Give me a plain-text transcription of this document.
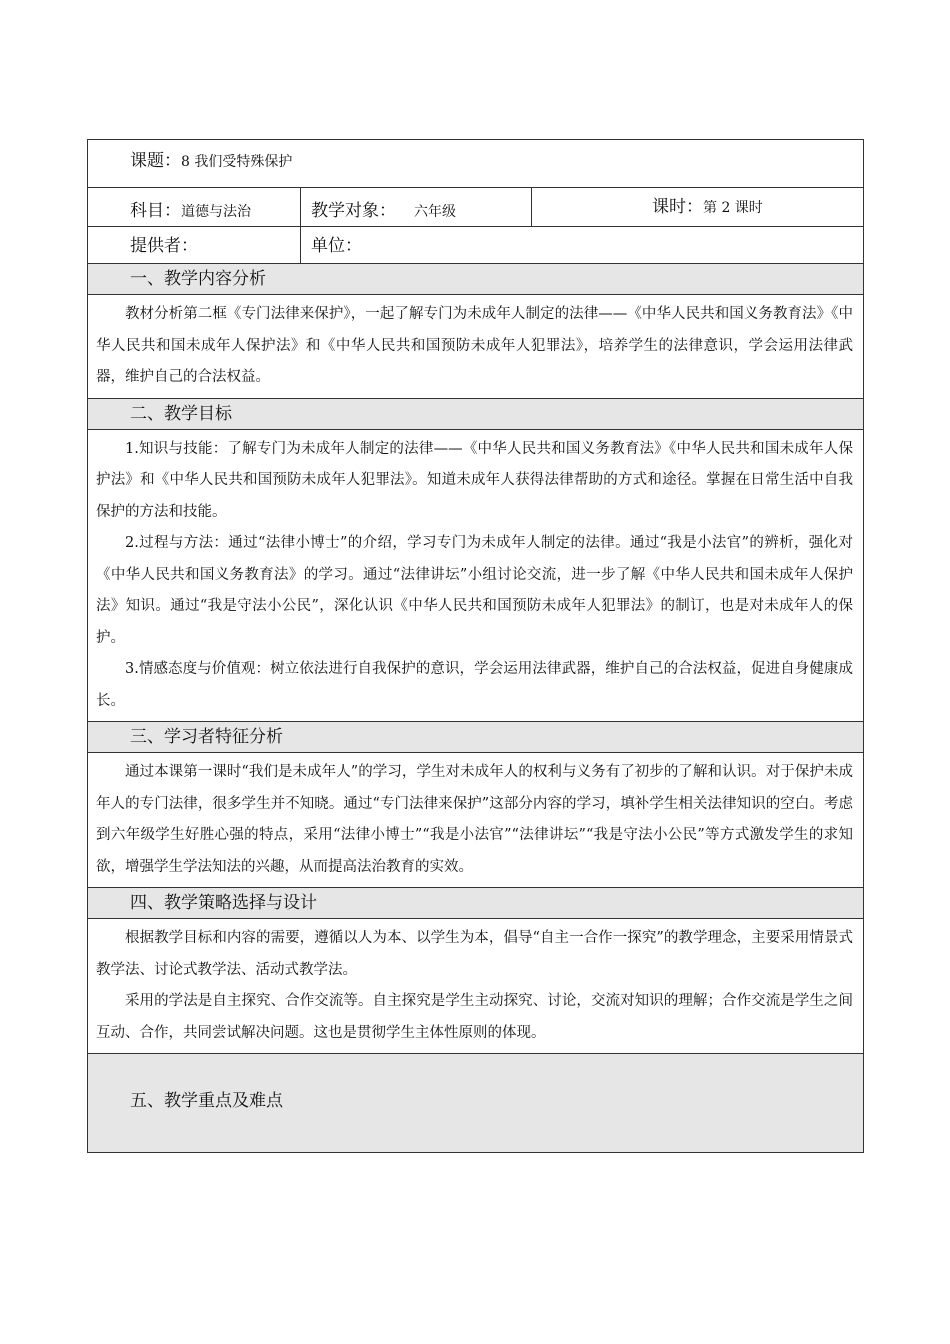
课题：8 我们受特殊保护		

科目：道德与法治	教学对象： 六年级	课时：第 2 课时

提供者：	单位：	

一、教学内容分析		

教材分析第二框《专门法律来保护》，一起了解专门为未成年人制定的法律——《中华人民共和国义务教育法》《中华人民共和国未成年人保护法》和《中华人民共和国预防未成年人犯罪法》，培养学生的法律意识，学会运用法律武器，维护自己的合法权益。		

二、教学目标		

1.知识与技能：了解专门为未成年人制定的法律——《中华人民共和国义务教育法》《中华人民共和国未成年人保护法》和《中华人民共和国预防未成年人犯罪法》。知道未成年人获得法律帮助的方式和途径。掌握在日常生活中自我保护的方法和技能。

2.过程与方法：通过“法律小博士”的介绍，学习专门为未成年人制定的法律。通过“我是小法官”的辨析，强化对《中华人民共和国义务教育法》的学习。通过“法律讲坛”小组讨论交流，进一步了解《中华人民共和国未成年人保护法》知识。通过“我是守法小公民”，深化认识《中华人民共和国预防未成年人犯罪法》的制订，也是对未成年人的保护。

3.情感态度与价值观：树立依法进行自我保护的意识，学会运用法律武器，维护自己的合法权益，促进自身健康成长。		

三、学习者特征分析		

通过本课第一课时“我们是未成年人”的学习，学生对未成年人的权利与义务有了初步的了解和认识。对于保护未成年人的专门法律，很多学生并不知晓。通过“专门法律来保护”这部分内容的学习，填补学生相关法律知识的空白。考虑到六年级学生好胜心强的特点，采用“法律小博士”“我是小法官”“法律讲坛”“我是守法小公民”等方式激发学生的求知欲，增强学生学法知法的兴趣，从而提高法治教育的实效。		

四、教学策略选择与设计		

根据教学目标和内容的需要，遵循以人为本、以学生为本，倡导“自主一合作一探究”的教学理念，主要采用情景式教学法、讨论式教学法、活动式教学法。

采用的学法是自主探究、合作交流等。自主探究是学生主动探究、讨论，交流对知识的理解；合作交流是学生之间互动、合作，共同尝试解决问题。这也是贯彻学生主体性原则的体现。		

五、教学重点及难点		
